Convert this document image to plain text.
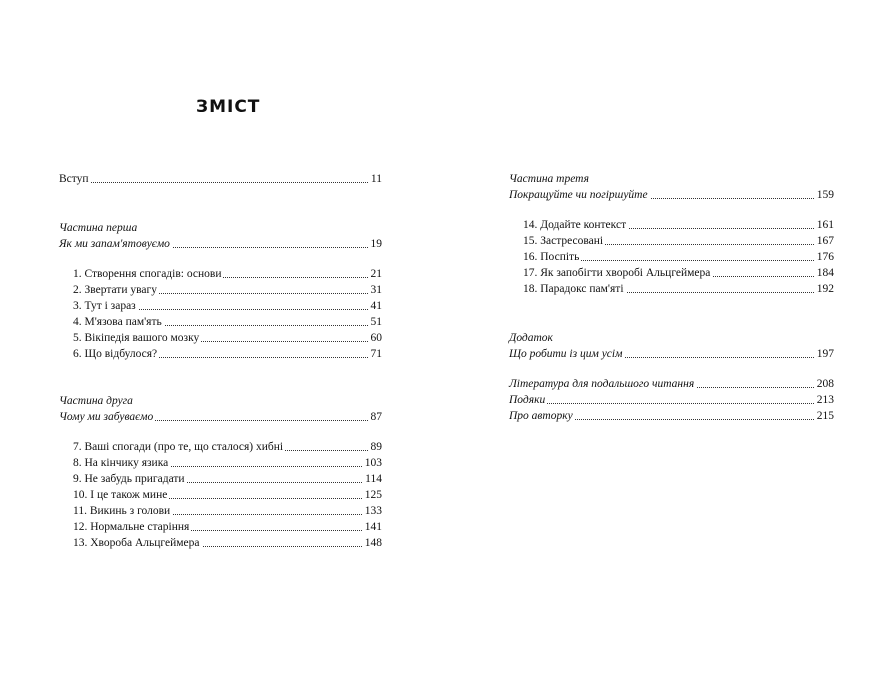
ЗМІСТ
Вступ	11
Частина перша
Як ми запам'ятовуємо	19
1. Створення спогадів: основи	21
2. Звертати увагу	31
3. Тут і зараз	41
4. М'язова пам'ять	51
5. Вікіпедія вашого мозку	60
6. Що відбулося?	71
Частина друга
Чому ми забуваємо	87
7. Ваші спогади (про те, що сталося) хибні	89
8. На кінчику язика	103
9. Не забудь пригадати	114
10. І це також мине	125
11. Викинь з голови	133
12. Нормальне старіння	141
13. Хвороба Альцгеймера	148
Частина третя
Покращуйте чи погіршуйте	159
14. Додайте контекст	161
15. Застресовані	167
16. Поспіть	176
17. Як запобігти хворобі Альцгеймера	184
18. Парадокс пам'яті	192
Додаток
Що робити із цим усім	197
Література для подальшого читання	208
Подяки	213
Про авторку	215
